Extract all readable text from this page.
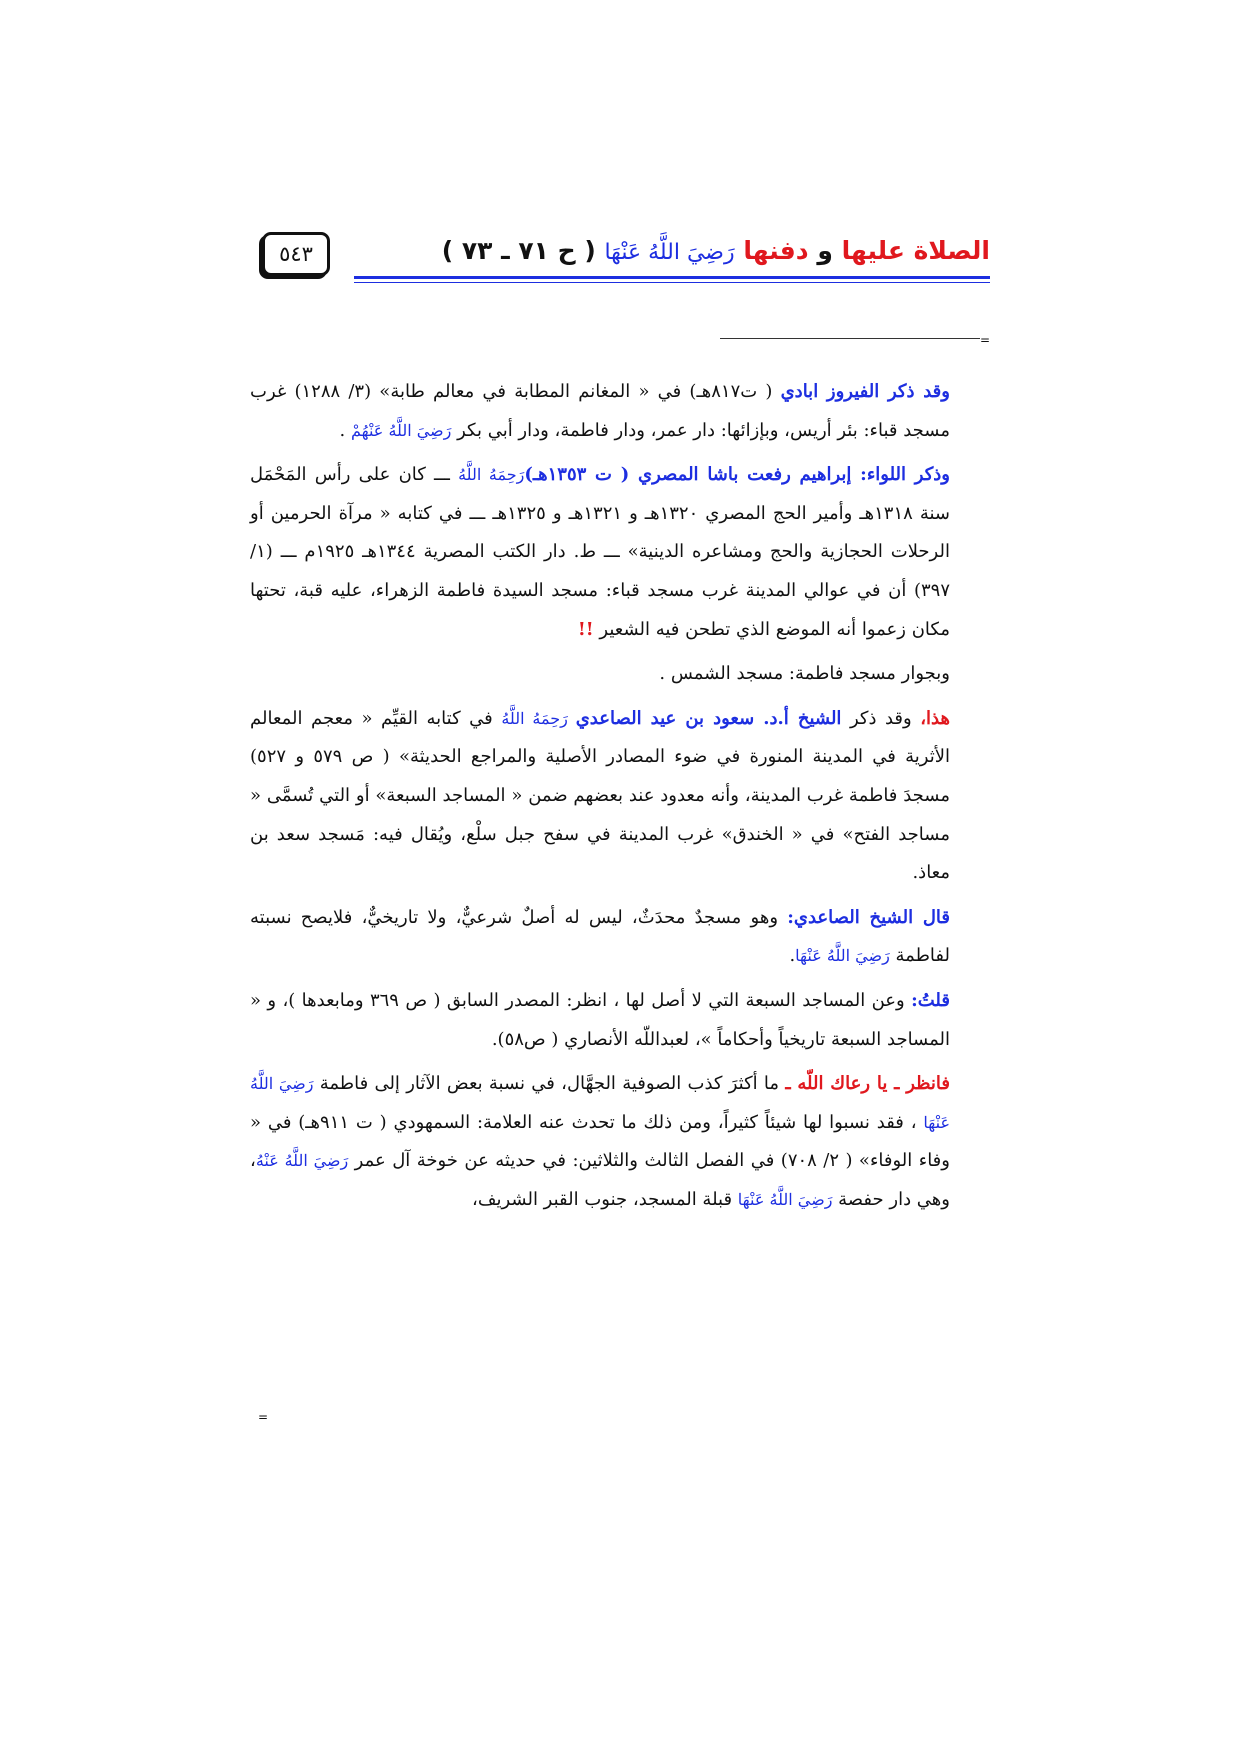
الصلاة عليها و دفنها رَضِيَ اللَّهُ عَنْهَا ( ح ٧١ ـ ٧٣ )
٥٤٣
=

وقد ذكر الفيروز ابادي ( ت٨١٧هـ) في « المغانم المطابة في معالم طابة» (٣/ ١٢٨٨) غرب مسجد قباء: بئر أريس، وبإزائها: دار عمر، ودار فاطمة، ودار أبي بكر رَضِيَ اللَّهُ عَنْهُمْ .

وذكر اللواء: إبراهيم رفعت باشا المصري ( ت ١٣٥٣هـ)رَحِمَهُ اللَّهُ ـــ كان على رأس المَحْمَل سنة ١٣١٨هـ وأمير الحج المصري ١٣٢٠هـ و ١٣٢١هـ و ١٣٢٥هـ ـــ في كتابه « مرآة الحرمين أو الرحلات الحجازية والحج ومشاعره الدينية» ـــ ط. دار الكتب المصرية ١٣٤٤هـ ١٩٢٥م ـــ (١/ ٣٩٧) أن في عوالي المدينة غرب مسجد قباء: مسجد السيدة فاطمة الزهراء، عليه قبة، تحتها مكان زعموا أنه الموضع الذي تطحن فيه الشعير !!

وبجوار مسجد فاطمة: مسجد الشمس .

هذا، وقد ذكر الشيخ أ.د. سعود بن عيد الصاعدي رَحِمَهُ اللَّهُ في كتابه القيِّم « معجم المعالم الأثرية في المدينة المنورة في ضوء المصادر الأصلية والمراجع الحديثة» ( ص ٥٧٩ و ٥٢٧) مسجدَ فاطمة غرب المدينة، وأنه معدود عند بعضهم ضمن « المساجد السبعة» أو التي تُسمَّى « مساجد الفتح» في « الخندق» غرب المدينة في سفح جبل سلْع، ويُقال فيه: مَسجد سعد بن معاذ.

قال الشيخ الصاعدي: وهو مسجدٌ محدَثٌ، ليس له أصلٌ شرعيٌّ، ولا تاريخيٌّ، فلايصح نسبته لفاطمة رَضِيَ اللَّهُ عَنْهَا.

قلتُ: وعن المساجد السبعة التي لا أصل لها ، انظر: المصدر السابق ( ص ٣٦٩ ومابعدها )، و « المساجد السبعة تاريخياً وأحكاماً »، لعبداللّه الأنصاري ( ص٥٨).

فانظر ـ يا رعاك اللّه ـ ما أكثرَ كذب الصوفية الجهَّال، في نسبة بعض الآثار إلى فاطمة رَضِيَ اللَّهُ عَنْهَا ، فقد نسبوا لها شيئاً كثيراً، ومن ذلك ما تحدث عنه العلامة: السمهودي ( ت ٩١١هـ) في « وفاء الوفاء» ( ٢/ ٧٠٨) في الفصل الثالث والثلاثين: في حديثه عن خوخة آل عمر رَضِيَ اللَّهُ عَنْهُ، وهي دار حفصة رَضِيَ اللَّهُ عَنْهَا قبلة المسجد، جنوب القبر الشريف،

=
